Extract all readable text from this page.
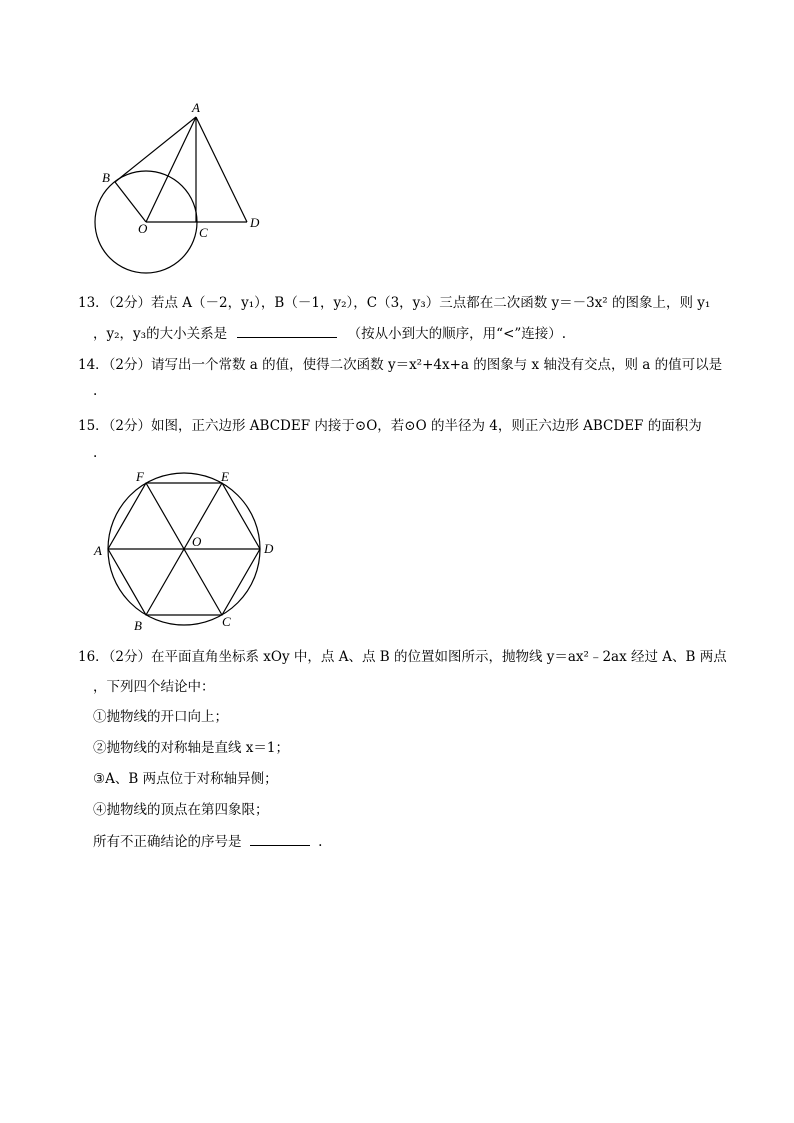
A
B
O	C
D
13．（2分）若点 A（－2，y₁），B（－1，y₂），C（3，y₃）三点都在二次函数 y＝－3x² 的图象上，则 y₁
，y₂，y₃的大小关系是	（按从小到大的顺序，用“<”连接）.
14．（2分）请写出一个常数 a 的值，使得二次函数 y＝x²+4x+a 的图象与 x 轴没有交点，则 a 的值可以是
.
15．（2分）如图，正六边形 ABCDEF 内接于⊙O，若⊙O 的半径为 4，则正六边形 ABCDEF 的面积为
.
F	E
A
O	D
B	C
16．（2分）在平面直角坐标系 xOy 中，点 A、点 B 的位置如图所示，抛物线 y＝ax²﹣2ax 经过 A、B 两点
，下列四个结论中：
①抛物线的开口向上；
②抛物线的对称轴是直线 x＝1；
③A、B 两点位于对称轴异侧；
④抛物线的顶点在第四象限；
所有不正确结论的序号是	.
